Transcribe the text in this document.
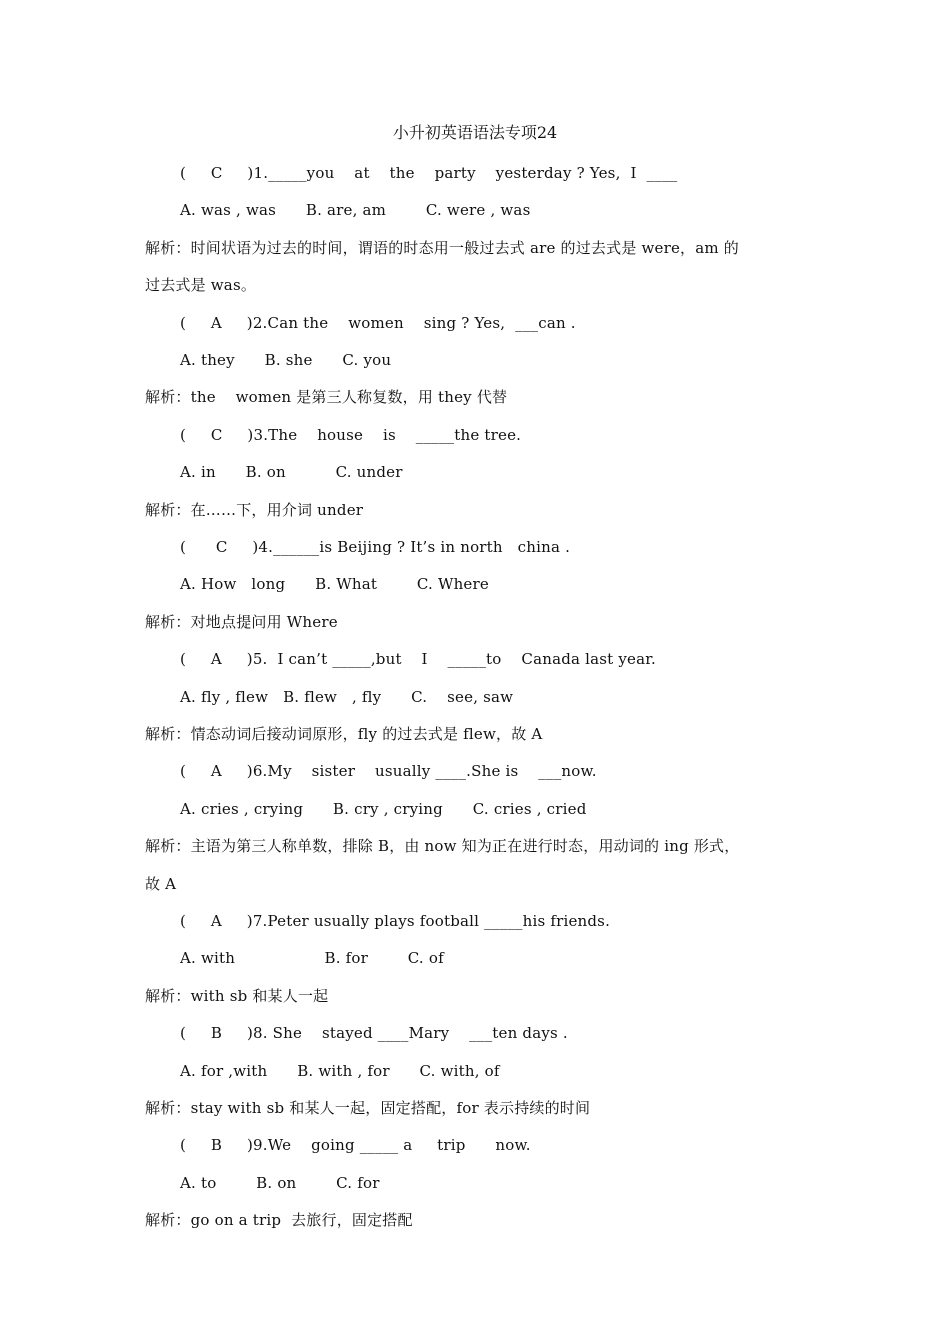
小升初英语语法专项24
(     C     )1._____you    at    the    party    yesterday ? Yes,  I  ____
A. was , was      B. are, am        C. were , was
解析：时间状语为过去的时间，谓语的时态用一般过去式 are 的过去式是 were，am 的
过去式是 was。
(     A     )2.Can the    women    sing ? Yes,  ___can .
A. they      B. she      C. you
解析：the    women 是第三人称复数，用 they 代替
(     C     )3.The    house    is    _____the tree.
A. in      B. on          C. under
解析：在……下，用介词 under
(      C     )4.______is Beijing ? It’s in north   china .
A. How   long      B. What        C. Where
解析：对地点提问用 Where
(     A     )5.  I can’t _____,but    I    _____to    Canada last year.
A. fly , flew   B. flew   , fly      C.    see, saw
解析：情态动词后接动词原形，fly 的过去式是 flew，故 A
(     A     )6.My    sister    usually ____.She is    ___now.
A. cries , crying      B. cry , crying      C. cries , cried
解析：主语为第三人称单数，排除 B，由 now 知为正在进行时态，用动词的 ing 形式，
故 A
(     A     )7.Peter usually plays football _____his friends.
A. with                  B. for        C. of
解析：with sb 和某人一起
(     B     )8. She    stayed ____Mary    ___ten days .
A. for ,with      B. with , for      C. with, of
解析：stay with sb 和某人一起，固定搭配，for 表示持续的时间
(     B     )9.We    going _____ a     trip      now.
A. to        B. on        C. for
解析：go on a trip  去旅行，固定搭配
